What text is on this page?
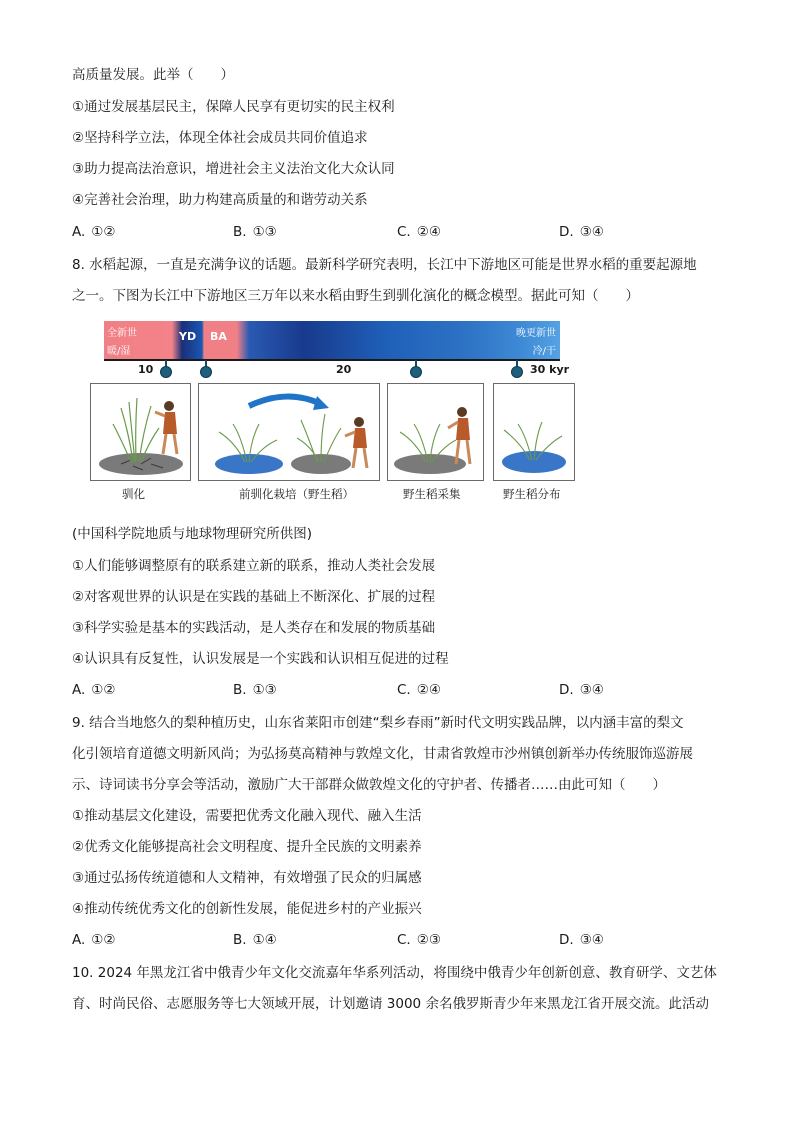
高质量发展。此举（　　）
①通过发展基层民主，保障人民享有更切实的民主权利
②坚持科学立法，体现全体社会成员共同价值追求
③助力提高法治意识，增进社会主义法治文化大众认同
④完善社会治理，助力构建高质量的和谐劳动关系
A. ①②	B. ①③	C. ②④	D. ③④
8. 水稻起源，一直是充满争议的话题。最新科学研究表明，长江中下游地区可能是世界水稻的重要起源地
之一。下图为长江中下游地区三万年以来水稻由野生到驯化演化的概念模型。据此可知（　　）
全新世
暖/湿
YD BA	晚更新世
冷/干
10	20	30 kyr
驯化	前驯化栽培（野生稻）	野生稻采集	野生稻分布
(中国科学院地质与地球物理研究所供图)
①人们能够调整原有的联系建立新的联系，推动人类社会发展
②对客观世界的认识是在实践的基础上不断深化、扩展的过程
③科学实验是基本的实践活动，是人类存在和发展的物质基础
④认识具有反复性，认识发展是一个实践和认识相互促进的过程
A. ①②	B. ①③	C. ②④	D. ③④
9. 结合当地悠久的梨种植历史，山东省莱阳市创建“梨乡春雨”新时代文明实践品牌，以内涵丰富的梨文
化引领培育道德文明新风尚；为弘扬莫高精神与敦煌文化，甘肃省敦煌市沙州镇创新举办传统服饰巡游展
示、诗词读书分享会等活动，激励广大干部群众做敦煌文化的守护者、传播者……由此可知（　　）
①推动基层文化建设，需要把优秀文化融入现代、融入生活
②优秀文化能够提高社会文明程度、提升全民族的文明素养
③通过弘扬传统道德和人文精神，有效增强了民众的归属感
④推动传统优秀文化的创新性发展，能促进乡村的产业振兴
A. ①②	B. ①④	C. ②③	D. ③④
10. 2024 年黑龙江省中俄青少年文化交流嘉年华系列活动，将围绕中俄青少年创新创意、教育研学、文艺体
育、时尚民俗、志愿服务等七大领域开展，计划邀请 3000 余名俄罗斯青少年来黑龙江省开展交流。此活动
